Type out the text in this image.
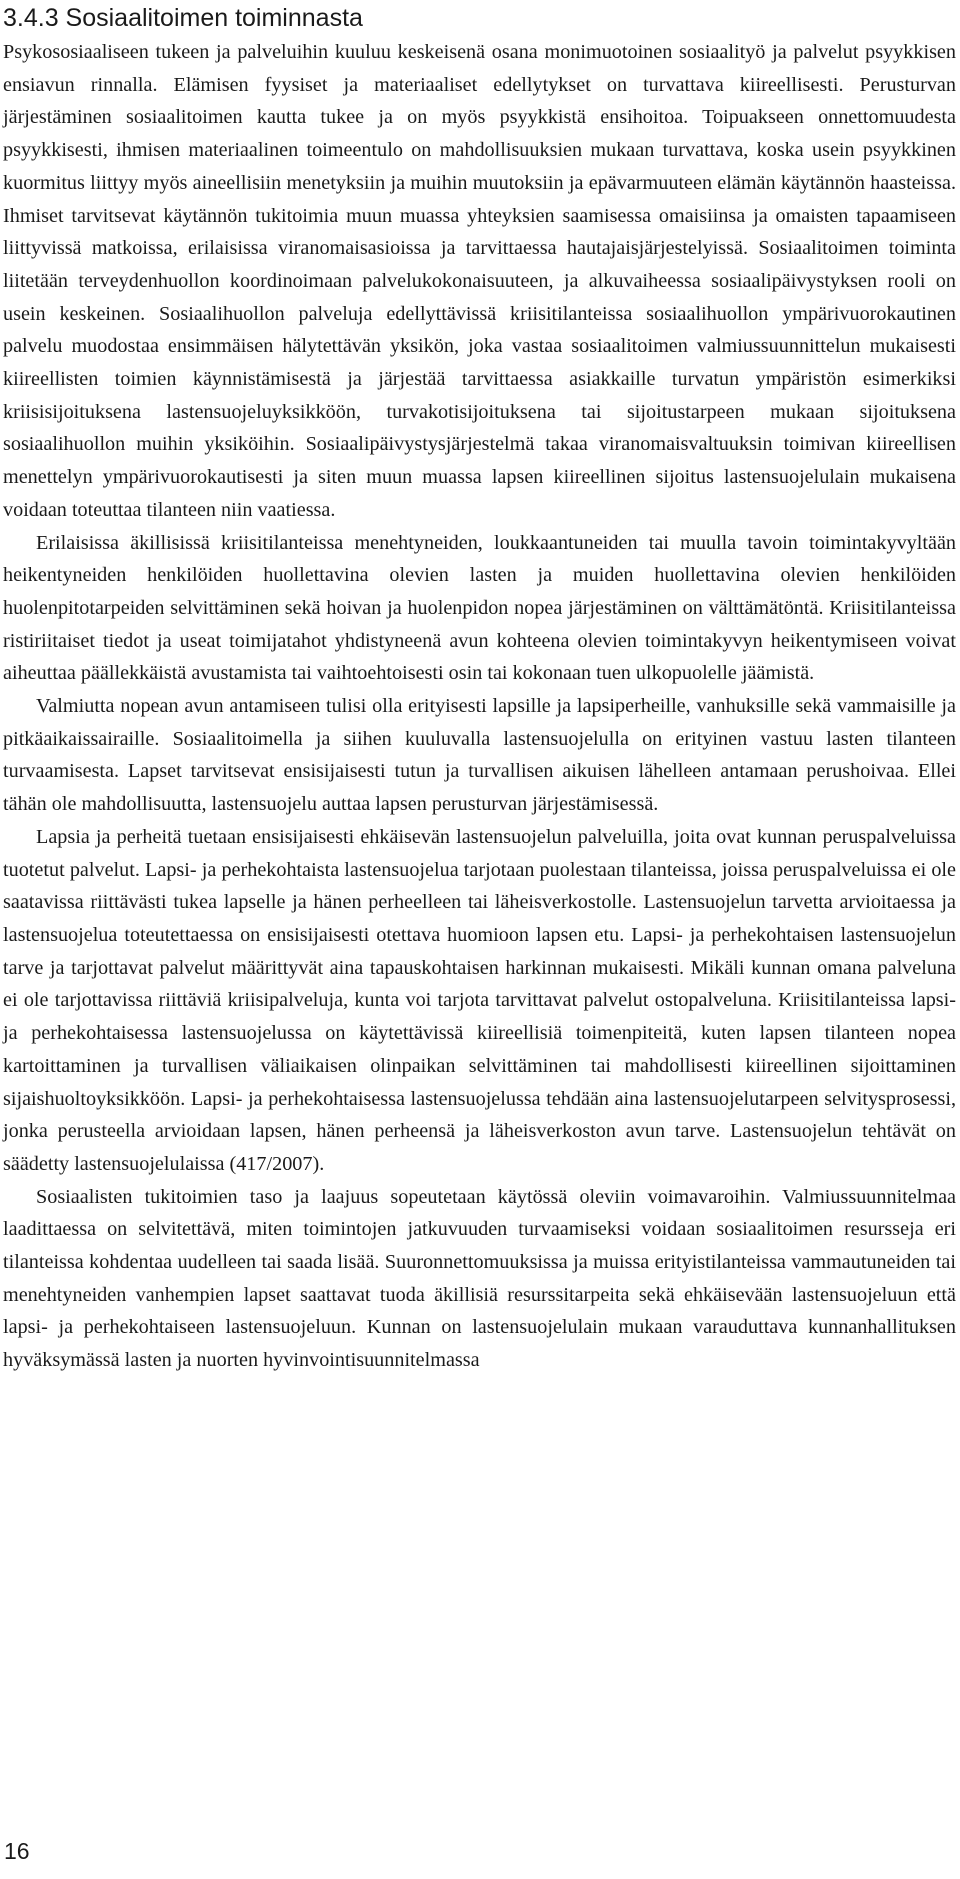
3.4.3 Sosiaalitoimen toiminnasta

Psykososiaaliseen tukeen ja palveluihin kuuluu keskeisenä osana monimuotoinen sosiaalityö ja palvelut psyykkisen ensiavun rinnalla. Elämisen fyysiset ja materiaaliset edellytykset on turvattava kiireellisesti. Perusturvan järjestäminen sosiaalitoimen kautta tukee ja on myös psyykkistä ensihoitoa. Toipuakseen onnettomuudesta psyykkisesti, ihmisen materiaalinen toimeentulo on mahdollisuuksien mukaan turvattava, koska usein psyykkinen kuormitus liittyy myös aineellisiin menetyksiin ja muihin muutoksiin ja epävarmuuteen elämän käytännön haasteissa. Ihmiset tarvitsevat käytännön tukitoimia muun muassa yhteyksien saamisessa omaisiinsa ja omaisten tapaamiseen liittyvissä matkoissa, erilaisissa viranomaisasioissa ja tarvittaessa hautajaisjärjestelyissä. Sosiaalitoimen toiminta liitetään terveydenhuollon koordinoimaan palvelukokonaisuuteen, ja alkuvaiheessa sosiaalipäivystyksen rooli on usein keskeinen. Sosiaalihuollon palveluja edellyttävissä kriisitilanteissa sosiaalihuollon ympärivuorokautinen palvelu muodostaa ensimmäisen hälytettävän yksikön, joka vastaa sosiaalitoimen valmiussuunnittelun mukaisesti kiireellisten toimien käynnistämisestä ja järjestää tarvittaessa asiakkaille turvatun ympäristön esimerkiksi kriisisijoituksena lastensuojeluyksikköön, turvakotisijoituksena tai sijoitustarpeen mukaan sijoituksena sosiaalihuollon muihin yksiköihin. Sosiaalipäivystysjärjestelmä takaa viranomaisvaltuuksin toimivan kiireellisen menettelyn ympärivuorokautisesti ja siten muun muassa lapsen kiireellinen sijoitus lastensuojelulain mukaisena voidaan toteuttaa tilanteen niin vaatiessa.

Erilaisissa äkillisissä kriisitilanteissa menehtyneiden, loukkaantuneiden tai muulla tavoin toimintakyvyltään heikentyneiden henkilöiden huollettavina olevien lasten ja muiden huollettavina olevien henkilöiden huolenpitotarpeiden selvittäminen sekä hoivan ja huolenpidon nopea järjestäminen on välttämätöntä. Kriisitilanteissa ristiriitaiset tiedot ja useat toimijatahot yhdistyneenä avun kohteena olevien toimintakyvyn heikentymiseen voivat aiheuttaa päällekkäistä avustamista tai vaihtoehtoisesti osin tai kokonaan tuen ulkopuolelle jäämistä.

Valmiutta nopean avun antamiseen tulisi olla erityisesti lapsille ja lapsiperheille, vanhuksille sekä vammaisille ja pitkäaikaissairaille. Sosiaalitoimella ja siihen kuuluvalla lastensuojelulla on erityinen vastuu lasten tilanteen turvaamisesta. Lapset tarvitsevat ensisijaisesti tutun ja turvallisen aikuisen lähelleen antamaan perushoivaa. Ellei tähän ole mahdollisuutta, lastensuojelu auttaa lapsen perusturvan järjestämisessä.

Lapsia ja perheitä tuetaan ensisijaisesti ehkäisevän lastensuojelun palveluilla, joita ovat kunnan peruspalveluissa tuotetut palvelut. Lapsi- ja perhekohtaista lastensuojelua tarjotaan puolestaan tilanteissa, joissa peruspalveluissa ei ole saatavissa riittävästi tukea lapselle ja hänen perheelleen tai läheisverkostolle. Lastensuojelun tarvetta arvioitaessa ja lastensuojelua toteutettaessa on ensisijaisesti otettava huomioon lapsen etu. Lapsi- ja perhekohtaisen lastensuojelun tarve ja tarjottavat palvelut määrittyvät aina tapauskohtaisen harkinnan mukaisesti. Mikäli kunnan omana palveluna ei ole tarjottavissa riittäviä kriisipalveluja, kunta voi tarjota tarvittavat palvelut ostopalveluna. Kriisitilanteissa lapsi- ja perhekohtaisessa lastensuojelussa on käytettävissä kiireellisiä toimenpiteitä, kuten lapsen tilanteen nopea kartoittaminen ja turvallisen väliaikaisen olinpaikan selvittäminen tai mahdollisesti kiireellinen sijoittaminen sijaishuoltoyksikköön. Lapsi- ja perhekohtaisessa lastensuojelussa tehdään aina lastensuojelutarpeen selvitysprosessi, jonka perusteella arvioidaan lapsen, hänen perheensä ja läheisverkoston avun tarve. Lastensuojelun tehtävät on säädetty lastensuojelulaissa (417/2007).

Sosiaalisten tukitoimien taso ja laajuus sopeutetaan käytössä oleviin voimavaroihin. Valmiussuunnitelmaa laadittaessa on selvitettävä, miten toimintojen jatkuvuuden turvaamiseksi voidaan sosiaalitoimen resursseja eri tilanteissa kohdentaa uudelleen tai saada lisää. Suuronnettomuuksissa ja muissa erityistilanteissa vammautuneiden tai menehtyneiden vanhempien lapset saattavat tuoda äkillisiä resurssitarpeita sekä ehkäisevään lastensuojeluun että lapsi- ja perhekohtaiseen lastensuojeluun. Kunnan on lastensuojelulain mukaan varauduttava kunnanhallituksen hyväksymässä lasten ja nuorten hyvinvointisuunnitelmassa

16
